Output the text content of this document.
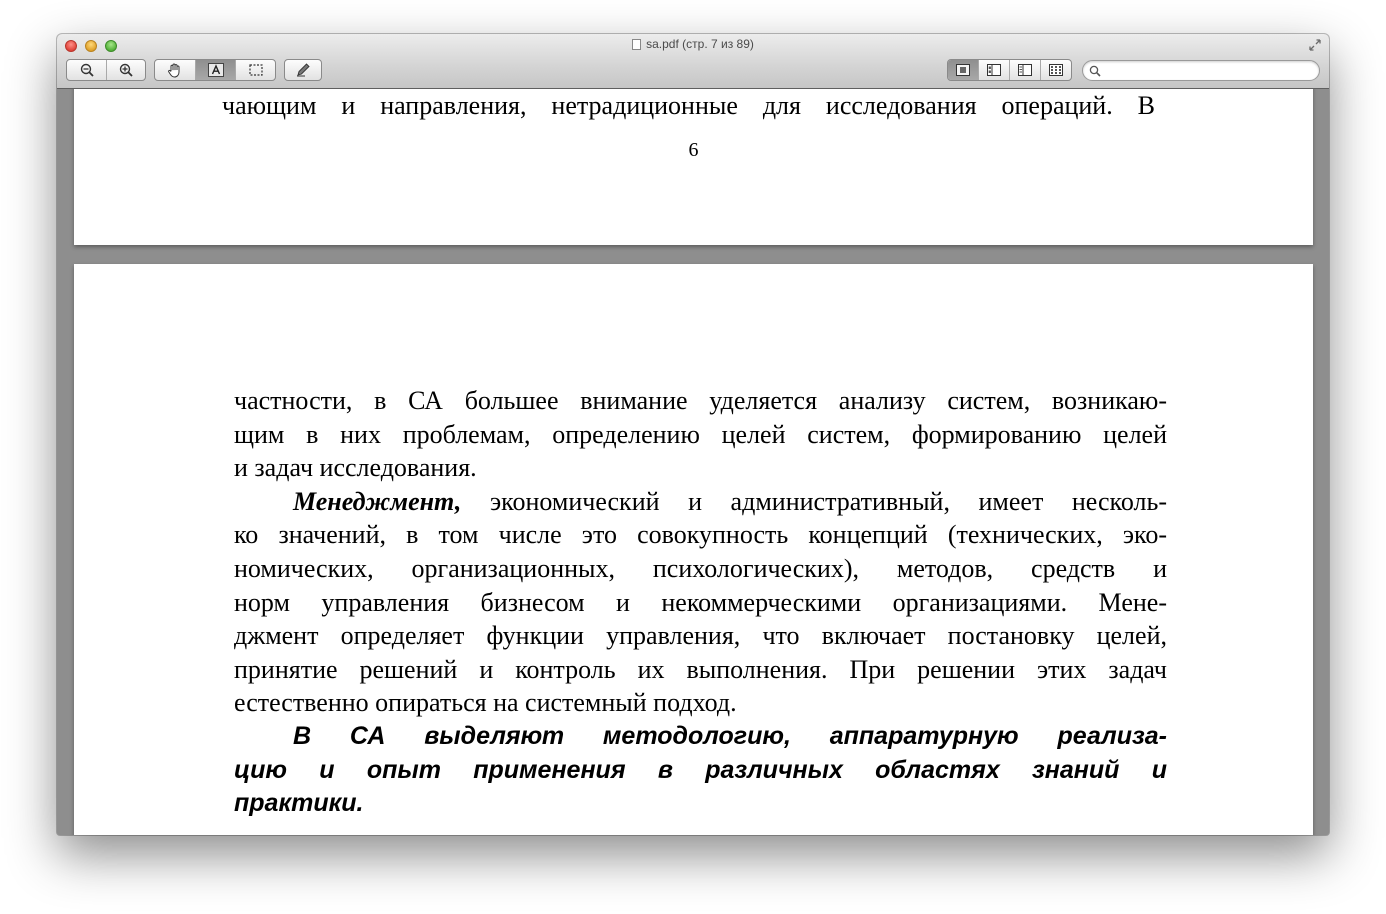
sa.pdf (стр. 7 из 89)
чающим и направления, нетрадиционные для исследования операций. В
6
частности, в СА большее внимание уделяется анализу систем, возникаю-
щим в них проблемам, определению целей систем, формированию целей
и задач исследования.
Менеджмент, экономический и административный, имеет несколь-
ко значений, в том числе это совокупность концепций (технических, эко-
номических, организационных, психологических), методов, средств и
норм управления бизнесом и некоммерческими организациями. Мене-
джмент определяет функции управления, что включает постановку целей,
принятие решений и контроль их выполнения. При решении этих задач
естественно опираться на системный подход.
В СА выделяют методологию, аппаратурную реализа-
цию и опыт применения в различных областях знаний и
практики.
